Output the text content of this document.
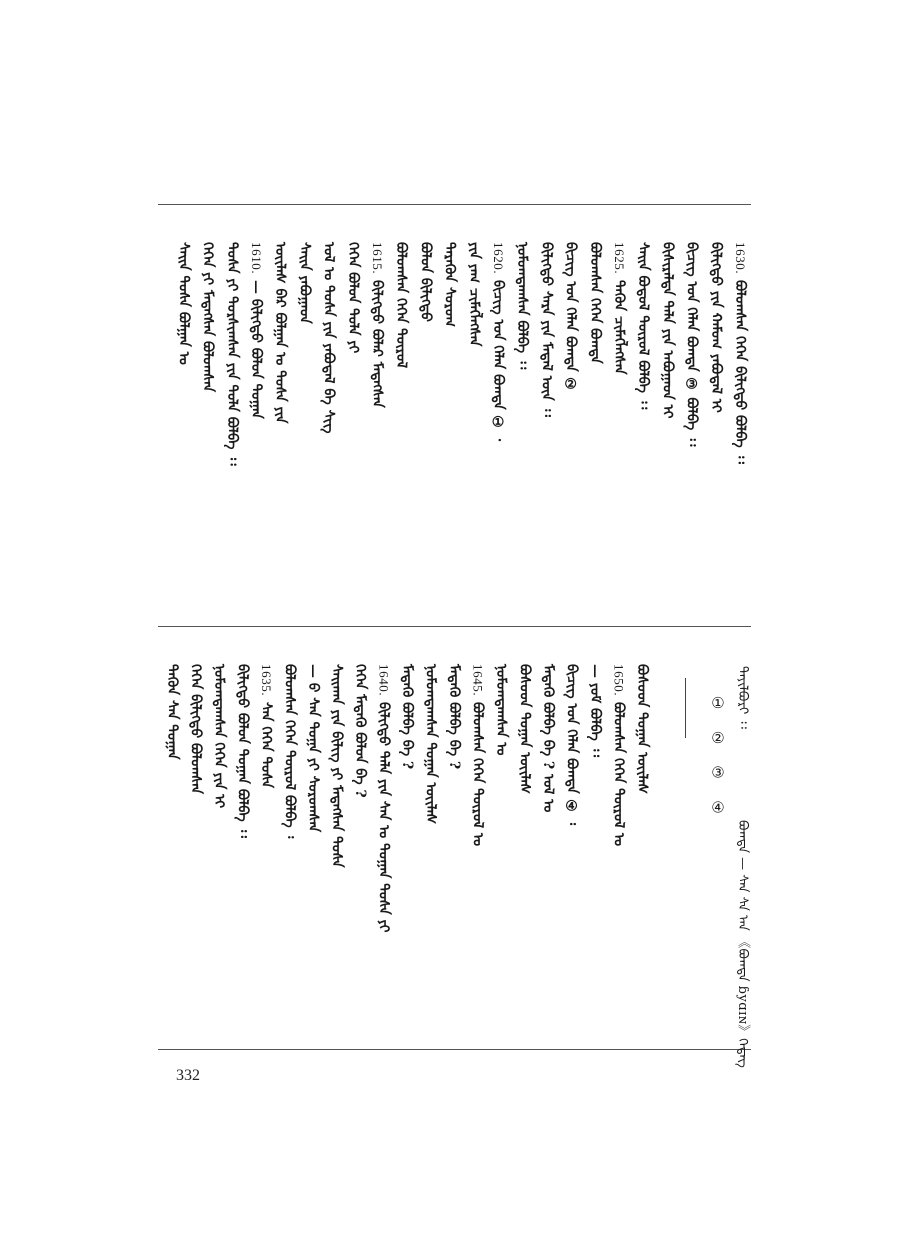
1630.ᠪᠤᠯᠤᠭᠰᠠᠨ ᠭᠡᠭᠡᠨ ᠪᠢᠯᠢᠭᠲᠦ ᠪᠣᠯᠪᠠ ᠄᠄
ᠪᠢᠯᠢᠭᠲᠦ ᠶᠢᠨ ᠬᠠᠮᠤᠭ ᠶᠠᠪᠤᠳᠠᠯ ᠢ
ᠪᠢᠴᠢᠭ᠌ ᠤᠨ ᠬᠡᠯᠡᠨ ᠪᠣᠭᠳᠠ ③ ᠪᠣᠯᠪᠠ ᠄᠄
ᠪᠢᠰᠢᠷᠡᠯᠲᠡ ᠲᠠᠯᠠ ᠶᠢᠨ ᠠᠪᠤᠭᠠᠳ ᠢ
ᠰᠠᠢᠨ ᠪᠣᠳᠣᠯ ᠲᠦᠷᠦᠯ ᠪᠣᠯᠪᠠ ᠄᠄
1625.ᠲᠡᠭᠦᠨ ᠴᠢᠮᠡᠭᠯᠡᠭᠰᠡᠨ
ᠪᠤᠯᠤᠭᠰᠠᠨ ᠭᠡᠭᠡᠨ ᠪᠣᠭᠳᠠ
ᠪᠢᠴᠢᠭ᠌ ᠤᠨ ᠬᠡᠯᠡᠨ ᠪᠣᠭᠳᠠ ②
ᠪᠢᠯᠢᠭᠲᠦ ᠰᠠᠷᠠ ᠶᠢᠨ ᠮᠡᠳᠡᠯ ᠦᠨ ᠄᠄
ᠨᠣᠮᠣᠭᠳᠠᠭᠰᠠᠨ ᠪᠣᠯᠪᠠ ᠄᠄
1620.ᠪᠢᠴᠢᠭ᠌ ᠤᠨ ᠬᠡᠯᠡᠨ ᠪᠣᠭᠳᠠ ① ᠂
ᠶᠢᠨ ᠶᠠᠭ ᠴᠢᠮᠡᠭᠯᠡᠭᠰᠡᠨ
ᠲᠡᠷᠡᠭᠦᠨ ᠰᠤᠷᠤᠭ
ᠪᠣᠯᠣᠨ ᠪᠢᠯᠢᠭᠲᠦ
ᠪᠤᠯᠤᠭᠰᠠᠨ ᠭᠡᠭᠡᠨ ᠲᠦᠷᠦᠯ
1615.ᠪᠢᠯᠢᠭᠲᠦ ᠪᠤᠯᠠᠷ ᠮᠡᠳᠡᠭᠰᠡᠨ
ᠭᠡᠭᠡᠨ ᠪᠣᠯᠣᠨ ᠲᠤᠯᠠ ᠶᠢ
ᠣᠯ ᠤ ᠲᠤᠰᠠ ᠶᠢᠨ ᠶᠠᠪᠤᠳᠠᠯ ᠪᠠ ᠰᠢᠭ
ᠰᠠᠢᠨ ᠶᠠᠪᠤᠭᠠᠳ
ᠦᠢᠯᠡᠰ ᠪᠡᠷ ᠪᠣᠯᠭᠠᠨ ᠤ ᠲᠤᠰᠠ ᠶᠢᠨ
1610.— ᠪᠢᠯᠢᠭᠲᠦ ᠪᠣᠯᠣᠨ ᠲᠣᠭᠠᠨ
ᠲᠤᠰᠠ ᠶᠢ ᠲᠤᠷᠰᠢᠭᠰᠠᠨ ᠶᠢᠨ ᠲᠤᠯᠠ ᠪᠣᠯᠪᠠ ᠄᠄
ᠭᠡᠭᠡᠨ ᠶᠢ ᠮᠡᠳᠡᠭᠰᠡᠨ ᠪᠣᠯᠣᠭᠰᠠᠨ
ᠰᠠᠢᠨ ᠲᠤᠰᠠ ᠪᠣᠯᠭᠠᠨ ᠤ
ᠲᠠᠶᠢᠯᠪᠤᠷᠢ ᠄᠄
① ② ③ ④
ᠪᠣᠭᠳᠠ — ᠰᠠᠨ ᠰᠠ ᠠᠨ 《ᠪᠣᠭᠳᠠ ɓyɑɪɴ》ᠭᠡᠳᠡᠭ
ᠪᠤᠰᠤᠳ ᠲᠣᠭᠠᠨ ᠦᠢᠯᠡᠰ
1650.ᠪᠣᠯᠤᠭᠰᠠᠨ ᠭᠡᠭᠡᠨ ᠲᠦᠷᠦᠯ ᠤ
— ᠶᠤᠮ ᠪᠣᠯᠪᠠ ᠄᠄
ᠪᠢᠴᠢᠭ᠌ ᠤᠨ ᠬᠡᠯᠡᠨ ᠪᠣᠭᠳᠠ ④ ᠄
ᠮᠡᠳᠡᠬᠦ ᠪᠣᠯᠪᠠ ᠪᠡ ? ᠣᠯ ᠤ
ᠪᠤᠰᠤᠳ ᠲᠣᠭᠠᠨ ᠦᠢᠯᠡᠰ
ᠨᠣᠮᠣᠭᠳᠠᠭᠰᠠᠨ ᠤ
1645.ᠪᠣᠯᠤᠭᠰᠠᠨ ᠭᠡᠭᠡᠨ ᠲᠦᠷᠦᠯ ᠤ
ᠮᠡᠳᠡᠬᠦ ᠪᠣᠯᠪᠠ ᠪᠡ ?
ᠨᠣᠮᠣᠭᠳᠠᠭᠰᠠᠨ ᠲᠣᠭᠠᠨ ᠦᠢᠯᠡᠰ
ᠮᠡᠳᠡᠬᠦ ᠪᠣᠯᠪᠠ ᠪᠡ ?
1640.ᠪᠢᠯᠢᠭᠲᠦ ᠲᠠᠯᠠ ᠶᠢᠨ ᠰᠠᠨ ᠤ ᠲᠣᠭᠠᠨ ᠲᠤᠰᠠ ᠶᠢ
ᠭᠡᠭᠡᠨ ᠮᠡᠳᠡᠬᠦ ᠪᠣᠯᠣᠨ ᠪᠡ ?
ᠰᠠᠢᠬᠠᠨ ᠶᠢᠨ ᠪᠢᠯᠢᠭ ᠶᠢ ᠮᠡᠳᠡᠭᠰᠡᠨ ᠲᠤᠰᠠ
— ᠪ ᠰᠠᠨ ᠲᠣᠭᠠ ᠶᠢ ᠰᠤᠷᠤᠭᠰᠠᠨ
ᠪᠤᠯᠤᠭᠰᠠᠨ ᠭᠡᠭᠡᠨ ᠲᠦᠷᠦᠯ ᠪᠣᠯᠪᠠ ᠄
1635.ᠰᠠᠨ ᠭᠡᠭᠡᠨ ᠲᠤᠰᠠ
ᠪᠢᠯᠢᠭᠲᠦ ᠪᠣᠯᠣᠨ ᠲᠣᠭᠠᠨ ᠪᠣᠯᠪᠠ ᠄᠄
ᠨᠣᠮᠣᠭᠳᠠᠭᠰᠠᠨ ᠭᠡᠭᠡᠨ ᠶᠢᠨ ᠢ
ᠭᠡᠭᠡᠨ ᠪᠢᠯᠢᠭᠲᠦ ᠪᠣᠯᠣᠭᠰᠠᠨ
ᠲᠡᠭᠦᠨ ᠰᠠᠨ ᠲᠣᠭᠠᠨ
332
